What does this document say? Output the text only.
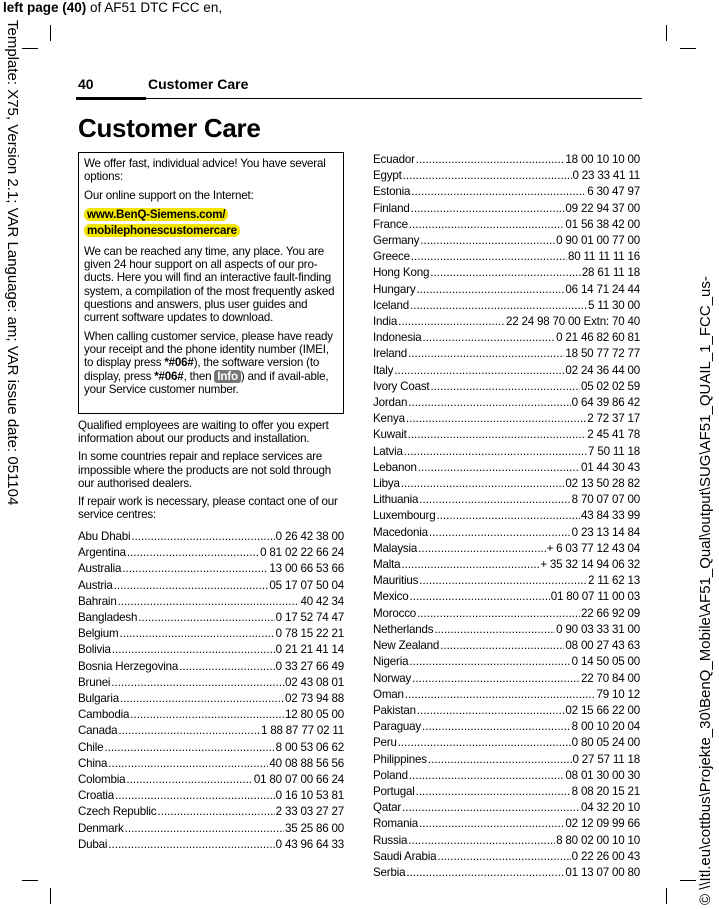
left page (40) of AF51 DTC FCC en,
Template: X75, Version 2.1; VAR Language: am; VAR issue date: 051104
© \\Itl.eu\cottbus\Projekte_30\BenQ_Mobile\AF51_Qual\output\SUG\AF51_QUAIL_1_FCC_us-
40	Customer Care
Customer Care

We offer fast, individual advice! You have several options:

Our online support on the Internet:

www.BenQ-Siemens.com/
mobilephonescustomercare

We can be reached any time, any place. You are given 24 hour support on all aspects of our pro-ducts. Here you will find an interactive fault-finding system, a compilation of the most frequently asked questions and answers, plus user guides and current software updates to download.

When calling customer service, please have ready your receipt and the phone identity number (IMEI, to display press *#06#), the software version (to display, press *#06#, then Info ) and if avail-able, your Service customer number.

Qualified employees are waiting to offer you expert information about our products and installation.

In some countries repair and replace services are impossible where the products are not sold through our authorised dealers.

If repair work is necessary, please contact one of our service centres:

Abu Dhabi .....	0 26 42 38 00
Argentina .....	0 81 02 22 66 24
Australia .....	13 00 66 53 66
Austria .....	05 17 07 50 04
Bahrain .....	40 42 34
Bangladesh .....	0 17 52 74 47
Belgium .....	0 78 15 22 21
Bolivia .....	0 21 21 41 14
Bosnia Herzegovina .....	0 33 27 66 49
Brunei .....	02 43 08 01
Bulgaria .....	02 73 94 88
Cambodia .....	12 80 05 00
Canada .....	1 88 87 77 02 11
Chile .....	8 00 53 06 62
China .....	40 08 88 56 56
Colombia .....	01 80 07 00 66 24
Croatia .....	0 16 10 53 81
Czech Republic .....	2 33 03 27 27
Denmark .....	35 25 86 00
Dubai .....	0 43 96 64 33
Ecuador .....	18 00 10 10 00
Egypt .....	0 23 33 41 11
Estonia .....	6 30 47 97
Finland .....	09 22 94 37 00
France .....	01 56 38 42 00
Germany .....	0 90 01 00 77 00
Greece .....	80 11 11 11 16
Hong Kong .....	28 61 11 18
Hungary .....	06 14 71 24 44
Iceland .....	5 11 30 00
India .....	22 24 98 70 00 Extn: 70 40
Indonesia .....	0 21 46 82 60 81
Ireland .....	18 50 77 72 77
Italy .....	02 24 36 44 00
Ivory Coast .....	05 02 02 59
Jordan .....	0 64 39 86 42
Kenya .....	2 72 37 17
Kuwait .....	2 45 41 78
Latvia .....	7 50 11 18
Lebanon .....	01 44 30 43
Libya .....	02 13 50 28 82
Lithuania .....	8 70 07 07 00
Luxembourg .....	43 84 33 99
Macedonia .....	0 23 13 14 84
Malaysia .....	+ 6 03 77 12 43 04
Malta .....	+ 35 32 14 94 06 32
Mauritius .....	2 11 62 13
Mexico .....	01 80 07 11 00 03
Morocco .....	22 66 92 09
Netherlands .....	0 90 03 33 31 00
New Zealand .....	08 00 27 43 63
Nigeria .....	0 14 50 05 00
Norway .....	22 70 84 00
Oman .....	79 10 12
Pakistan .....	02 15 66 22 00
Paraguay .....	8 00 10 20 04
Peru .....	0 80 05 24 00
Philippines .....	0 27 57 11 18
Poland .....	08 01 30 00 30
Portugal .....	8 08 20 15 21
Qatar .....	04 32 20 10
Romania .....	02 12 09 99 66
Russia .....	8 80 02 00 10 10
Saudi Arabia .....	0 22 26 00 43
Serbia .....	01 13 07 00 80
